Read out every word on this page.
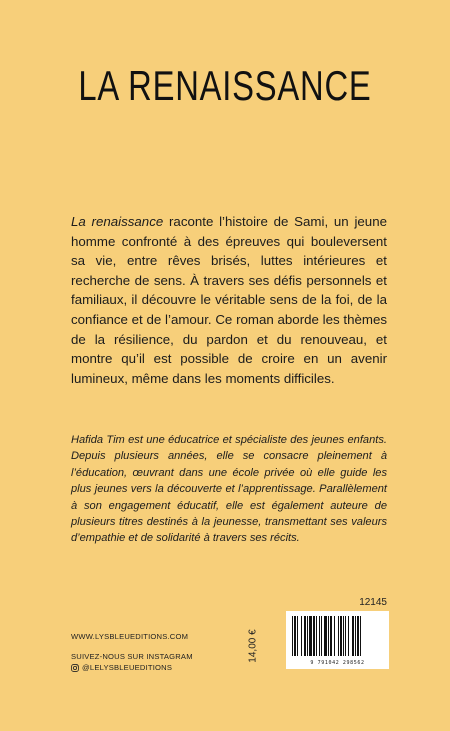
LA RENAISSANCE
La renaissance raconte l’histoire de Sami, un jeune homme confronté à des épreuves qui bouleversent sa vie, entre rêves brisés, luttes intérieures et recherche de sens. À travers ses défis personnels et familiaux, il découvre le véritable sens de la foi, de la confiance et de l’amour. Ce roman aborde les thèmes de la résilience, du pardon et du renouveau, et montre qu’il est possible de croire en un avenir lumineux, même dans les moments difficiles.
Hafida Tim est une éducatrice et spécialiste des jeunes enfants. Depuis plusieurs années, elle se consacre pleinement à l’éducation, œuvrant dans une école privée où elle guide les plus jeunes vers la découverte et l’apprentissage. Parallèlement à son engagement éducatif, elle est également auteure de plusieurs titres destinés à la jeunesse, transmettant ses valeurs d’empathie et de solidarité à travers ses récits.
12145
14,00 €
9 791042 298562
WWW.LYSBLEUEDITIONS.COM
SUIVEZ-NOUS SUR INSTAGRAM
@LELYSBLEUEDITIONS
